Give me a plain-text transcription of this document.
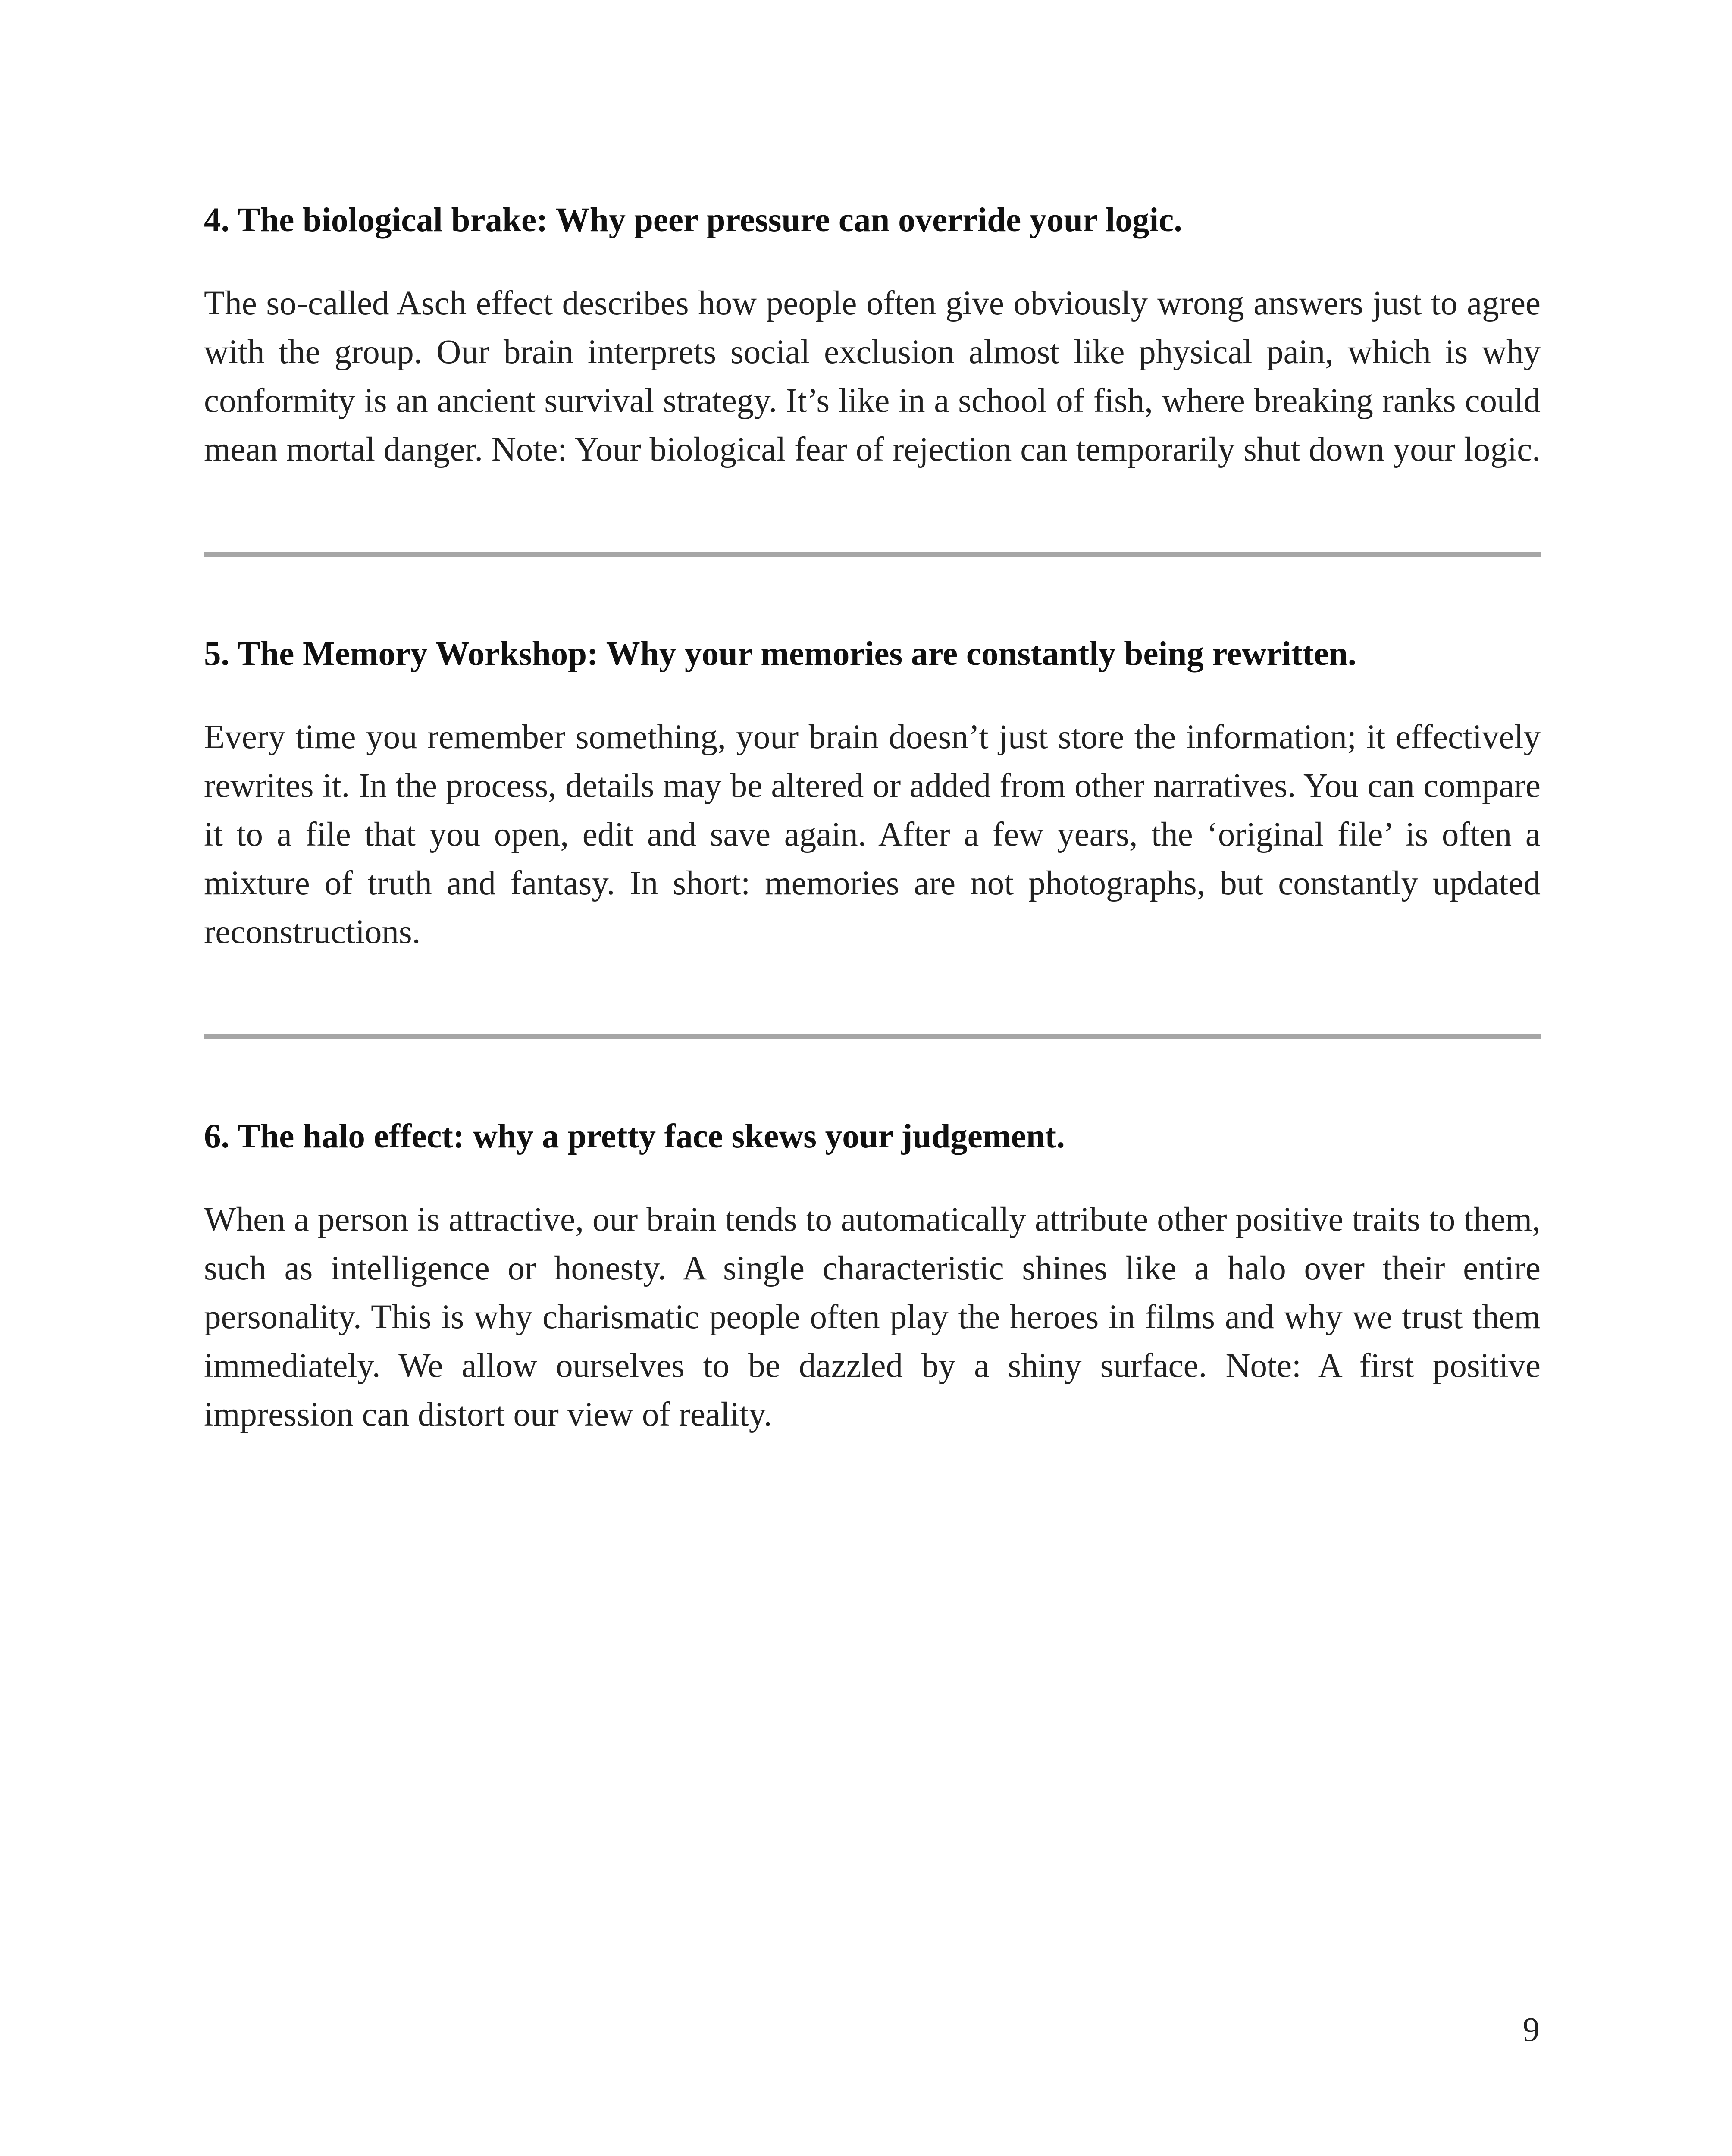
4. The biological brake: Why peer pressure can override your logic.

The so-called Asch effect describes how people often give obviously wrong answers just to agree with the group. Our brain interprets social exclusion almost like physical pain, which is why conformity is an ancient survival strategy. It’s like in a school of fish, where breaking ranks could mean mortal danger. Note: Your biological fear of rejection can temporarily shut down your logic.

5. The Memory Workshop: Why your memories are constantly being rewritten.

Every time you remember something, your brain doesn’t just store the information; it effectively rewrites it. In the process, details may be altered or added from other narratives. You can compare it to a file that you open, edit and save again. After a few years, the ‘original file’ is often a mixture of truth and fantasy. In short: memories are not photographs, but constantly updated reconstructions.

6. The halo effect: why a pretty face skews your judgement.

When a person is attractive, our brain tends to automatically attribute other positive traits to them, such as intelligence or honesty. A single characteristic shines like a halo over their entire personality. This is why charismatic people often play the heroes in films and why we trust them immediately. We allow ourselves to be dazzled by a shiny surface. Note: A first positive impression can distort our view of reality.

9
